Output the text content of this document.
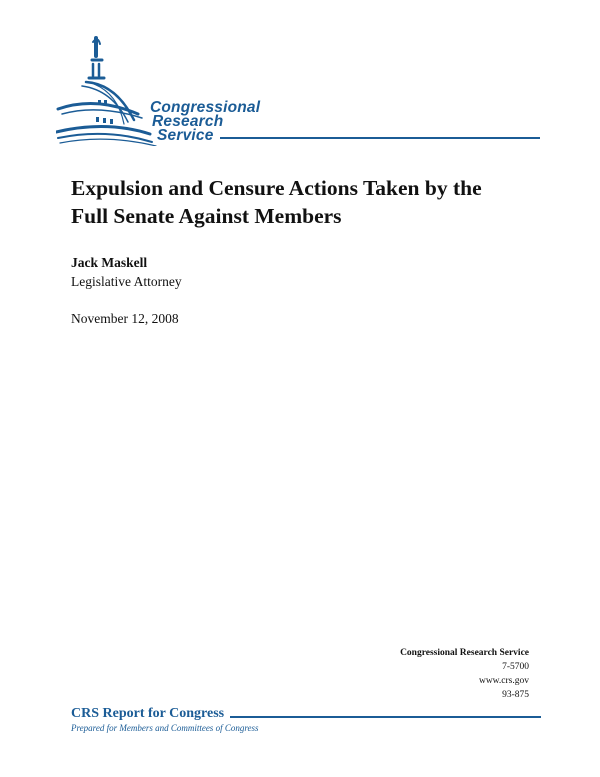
Congressional
Research
Service
Expulsion and Censure Actions Taken by the
Full Senate Against Members
Jack Maskell
Legislative Attorney
November 12, 2008
Congressional Research Service
7-5700
www.crs.gov
93-875
CRS Report for Congress
Prepared for Members and Committees of Congress
